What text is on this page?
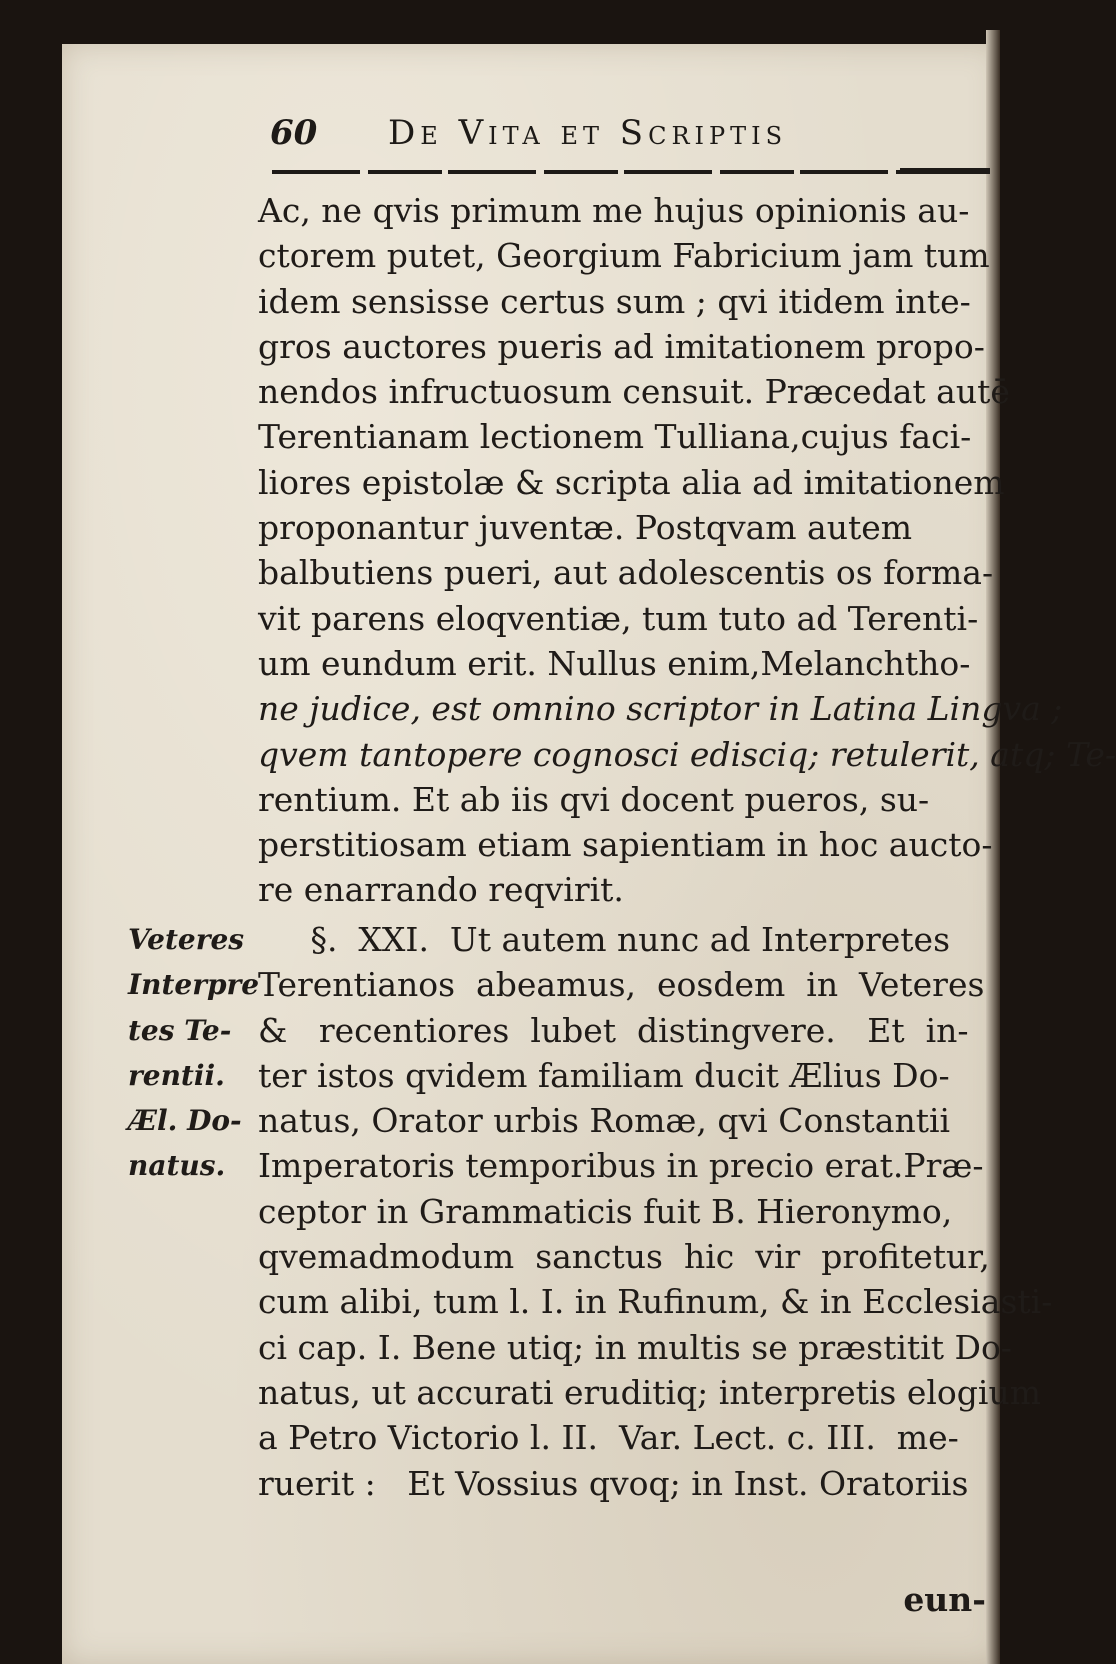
60 De Vita et Scriptis
Ac, ne qvis primum me hujus opinionis au-
ctorem putet, Georgium Fabricium jam tum
idem sensisse certus sum ; qvi itidem inte-
gros auctores pueris ad imitationem propo-
nendos infructuosum censuit. Præcedat autē
Terentianam lectionem Tulliana,cujus faci-
liores epistolæ & scripta alia ad imitationem
proponantur juventæ. Postqvam autem
balbutiens pueri, aut adolescentis os forma-
vit parens eloqventiæ, tum tuto ad Terenti-
um eundum erit. Nullus enim,Melanchtho-
ne judice, est omnino scriptor in Latina Lingva ;
qvem tantopere cognosci edisciq; retulerit, atq; Te-
rentium. Et ab iis qvi docent pueros, su-
perstitiosam etiam sapientiam in hoc aucto-
re enarrando reqvirit.
Veteres
Interpre
tes Te-
rentii.
Æl. Do-
natus.
§.  XXI.  Ut autem nunc ad Interpretes
Terentianos  abeamus,  eosdem  in  Veteres
&   recentiores  lubet  distingvere.   Et  in-
ter istos qvidem familiam ducit Ælius Do-
natus, Orator urbis Romæ, qvi Constantii
Imperatoris temporibus in precio erat.Præ-
ceptor in Grammaticis fuit B. Hieronymo,
qvemadmodum  sanctus  hic  vir  profitetur,
cum alibi, tum l. I. in Rufinum, & in Ecclesiasti-
ci cap. I. Bene utiq; in multis se præstitit Do-
natus, ut accurati eruditiq; interpretis elogium
a Petro Victorio l. II.  Var. Lect. c. III.  me-
ruerit :   Et Vossius qvoq; in Inst. Oratoriis
eun-
